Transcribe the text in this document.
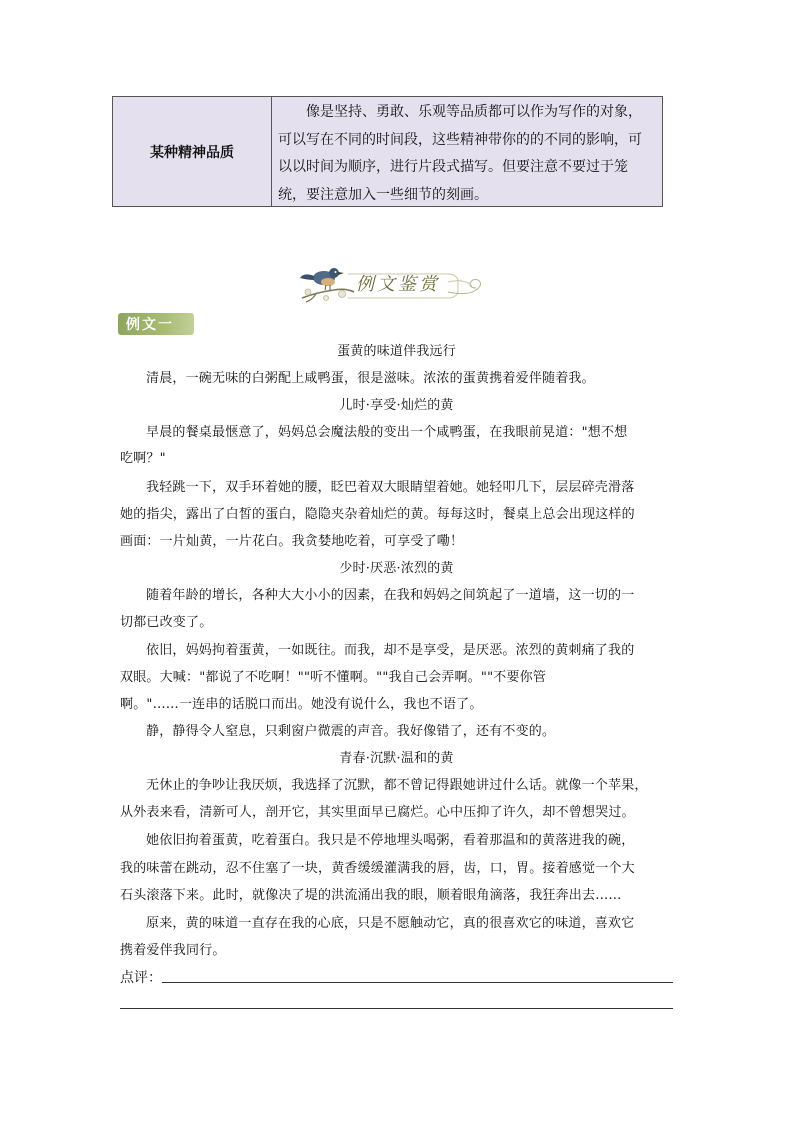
某种精神品质

像是坚持、勇敢、乐观等品质都可以作为写作的对象，

可以写在不同的时间段，这些精神带你的的不同的影响，可

以以时间为顺序，进行片段式描写。但要注意不要过于笼

统，要注意加入一些细节的刻画。

例文鉴赏
例文一
蛋黄的味道伴我远行
清晨，一碗无味的白粥配上咸鸭蛋，很是滋味。浓浓的蛋黄携着爱伴随着我。
儿时·享受·灿烂的黄
早晨的餐桌最惬意了，妈妈总会魔法般的变出一个咸鸭蛋，在我眼前晃道："想不想
吃啊？"
我轻跳一下，双手环着她的腰，眨巴着双大眼睛望着她。她轻叩几下，层层碎壳滑落
她的指尖，露出了白皙的蛋白，隐隐夹杂着灿烂的黄。每每这时，餐桌上总会出现这样的
画面：一片灿黄，一片花白。我贪婪地吃着，可享受了嘞！
少时·厌恶·浓烈的黄
随着年龄的增长，各种大大小小的因素，在我和妈妈之间筑起了一道墙，这一切的一
切都已改变了。
依旧，妈妈拘着蛋黄，一如既往。而我，却不是享受，是厌恶。浓烈的黄刺痛了我的
双眼。大喊："都说了不吃啊！""听不懂啊。""我自己会弄啊。""不要你管
啊。"……一连串的话脱口而出。她没有说什么，我也不语了。
静，静得令人窒息，只剩窗户微震的声音。我好像错了，还有不变的。
青春·沉默·温和的黄
无休止的争吵让我厌烦，我选择了沉默，都不曾记得跟她讲过什么话。就像一个苹果，
从外表来看，清新可人，剖开它，其实里面早已腐烂。心中压抑了许久，却不曾想哭过。
她依旧拘着蛋黄，吃着蛋白。我只是不停地埋头喝粥，看着那温和的黄落进我的碗，
我的味蕾在跳动，忍不住塞了一块，黄香缓缓灌满我的唇，齿，口，胃。接着感觉一个大
石头滚落下来。此时，就像决了堤的洪流涌出我的眼，顺着眼角滴落，我狂奔出去……
原来，黄的味道一直存在我的心底，只是不愿触动它，真的很喜欢它的味道，喜欢它
携着爱伴我同行。
点评：
